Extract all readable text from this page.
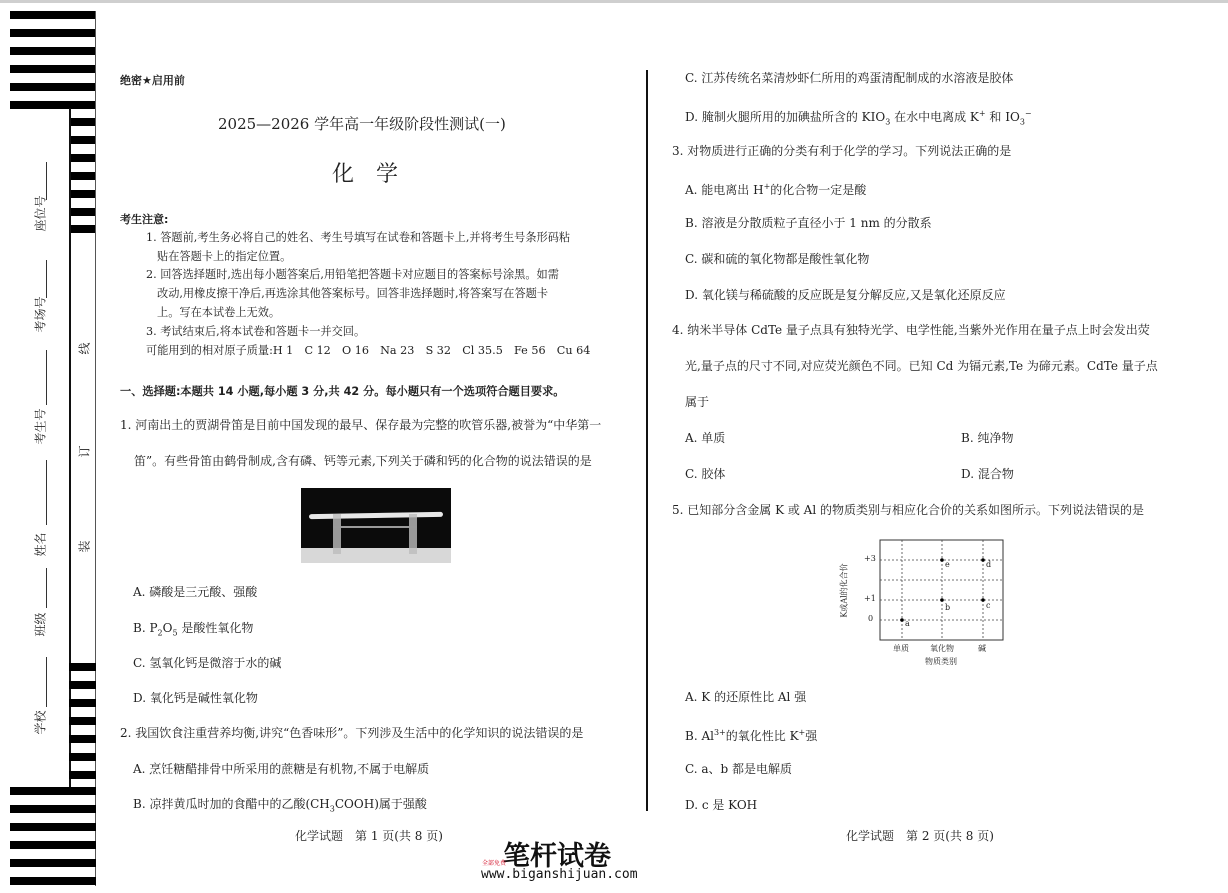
座位号
考场号
考生号
姓名
班级
学校
线
订
装
绝密★启用前
2025—2026 学年高一年级阶段性测试(一)
化　学
考生注意:
1. 答题前,考生务必将自己的姓名、考生号填写在试卷和答题卡上,并将考生号条形码粘
贴在答题卡上的指定位置。
2. 回答选择题时,选出每小题答案后,用铅笔把答题卡对应题目的答案标号涂黑。如需
改动,用橡皮擦干净后,再选涂其他答案标号。回答非选择题时,将答案写在答题卡
上。写在本试卷上无效。
3. 考试结束后,将本试卷和答题卡一并交回。
可能用到的相对原子质量:H 1　C 12　O 16　Na 23　S 32　Cl 35.5　Fe 56　Cu 64
一、选择题:本题共 14 小题,每小题 3 分,共 42 分。每小题只有一个选项符合题目要求。
1. 河南出土的贾湖骨笛是目前中国发现的最早、保存最为完整的吹管乐器,被誉为“中华第一
笛”。有些骨笛由鹤骨制成,含有磷、钙等元素,下列关于磷和钙的化合物的说法错误的是
A. 磷酸是三元酸、强酸
B. $P_2O_5$ 是酸性氧化物
C. 氢氧化钙是微溶于水的碱
D. 氧化钙是碱性氧化物
2. 我国饮食注重营养均衡,讲究“色香味形”。下列涉及生活中的化学知识的说法错误的是
A. 烹饪糖醋排骨中所采用的蔗糖是有机物,不属于电解质
B. 凉拌黄瓜时加的食醋中的乙酸$(CH_3COOH)$属于强酸
化学试题　第 1 页(共 8 页)
C. 江苏传统名菜清炒虾仁所用的鸡蛋清配制成的水溶液是胶体
D. 腌制火腿所用的加碘盐所含的 $KIO_3$ 在水中电离成 K+ 和 $IO_3^-$
3. 对物质进行正确的分类有利于化学的学习。下列说法正确的是
A. 能电离出 H+的化合物一定是酸
B. 溶液是分散质粒子直径小于 1 nm 的分散系
C. 碳和硫的氧化物都是酸性氧化物
D. 氧化镁与稀硫酸的反应既是复分解反应,又是氧化还原反应
4. 纳米半导体 CdTe 量子点具有独特光学、电学性能,当紫外光作用在量子点上时会发出荧
光,量子点的尺寸不同,对应荧光颜色不同。已知 Cd 为镉元素,Te 为碲元素。CdTe 量子点
属于
A. 单质	B. 纯净物
C. 胶体	D. 混合物
5. 已知部分含金属 K 或 Al 的物质类别与相应化合价的关系如图所示。下列说法错误的是
a
b
e
c
d
0
+1
+3
K或Al的化合价
单质	氧化物	碱
物质类别
A. K 的还原性比 Al 强
B. $Al^{3+}$的氧化性比 K+强
C. a、b 都是电解质
D. c 是 KOH
化学试题　第 2 页(共 8 页)
笔杆试卷
全部免费
www.biganshijuan.com
